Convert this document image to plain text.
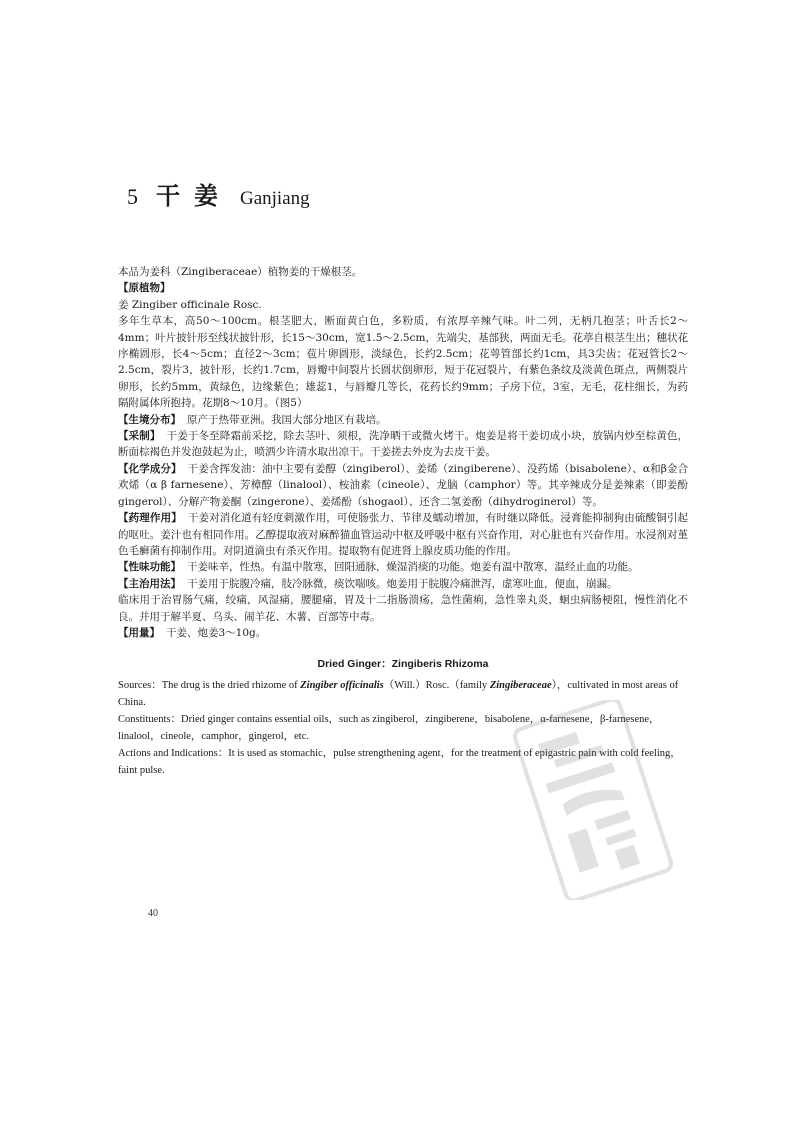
5 干姜 Ganjiang

本品为姜科（Zingiberaceae）植物姜的干燥根茎。

【原植物】

姜 Zingiber officinale Rosc.

多年生草本，高50～100cm。根茎肥大，断面黄白色，多粉质，有浓厚辛辣气味。叶二列，无柄几抱茎；叶舌长2～4mm；叶片披针形至线状披针形，长15～30cm，宽1.5～2.5cm，先端尖，基部狭，两面无毛。花葶自根茎生出；穗状花序椭圆形，长4～5cm；直径2～3cm；苞片卵圆形，淡绿色，长约2.5cm；花萼管部长约1cm，具3尖齿；花冠管长2～2.5cm，裂片3，披针形，长约1.7cm，唇瓣中间裂片长圆状倒卵形，短于花冠裂片，有紫色条纹及淡黄色斑点，两侧裂片卵形，长约5mm，黄绿色，边缘紫色；雄蕊1，与唇瓣几等长，花药长约9mm；子房下位，3室，无毛，花柱细长，为药隔附属体所抱持。花期8～10月。（图5）

【生境分布】 原产于热带亚洲。我国大部分地区有栽培。

【采制】 干姜于冬至降霜前采挖，除去茎叶、须根，洗净晒干或微火烤干。炮姜是将干姜切成小块，放锅内炒至棕黄色，断面棕褐色并发泡鼓起为止，喷洒少许清水取出凉干。干姜搓去外皮为去皮干姜。

【化学成分】 干姜含挥发油：油中主要有姜醇（zingiberol）、姜烯（zingiberene）、没药烯（bisabolene）、α和β金合欢烯（α β farnesene）、芳樟醇（linalool）、桉油素（cineole）、龙脑（camphor）等。其辛辣成分是姜辣素（即姜酚 gingerol）、分解产物姜酮（zingerone）、姜烯酚（shogaol）、还含二氢姜酚（dihydroginerol）等。

【药理作用】 干姜对消化道有轻度刺激作用，可使肠张力、节律及蠕动增加，有时继以降低。浸膏能抑制狗由硫酸铜引起的呕吐。姜汁也有相同作用。乙醇提取液对麻醉猫血管运动中枢及呼吸中枢有兴奋作用，对心脏也有兴奋作用。水浸剂对堇色毛癣菌有抑制作用。对阴道滴虫有杀灭作用。提取物有促进肾上腺皮质功能的作用。

【性味功能】 干姜味辛，性热。有温中散寒，回阳通脉，燥湿消痰的功能。炮姜有温中散寒，温经止血的功能。

【主治用法】 干姜用于脘腹冷痛，肢冷脉微，痰饮喘咳。炮姜用于脘腹冷痛泄泻，虚寒吐血，便血，崩漏。

临床用于治胃肠气痛，绞痛，风湿痛，腰腿痛，胃及十二指肠溃疡，急性菌痢，急性睾丸炎，蛔虫病肠梗阻，慢性消化不良。并用于解半夏、乌头、闹羊花、木薯、百部等中毒。

【用量】 干姜、炮姜3～10g。

Dried Ginger：Zingiberis Rhizoma

Sources：The drug is the dried rhizome of Zingiber officinalis（Will.）Rosc.（family Zingiberaceae），cultivated in most areas of China.

Constituents：Dried ginger contains essential oils，such as zingiberol，zingiberene，bisabolene，α-farnesene，β-farnesene，linalool，cineole，camphor，gingerol，etc.

Actions and Indications：It is used as stomachic，pulse strengthening agent，for the treatment of epigastric pain with cold feeling，faint pulse.

40
